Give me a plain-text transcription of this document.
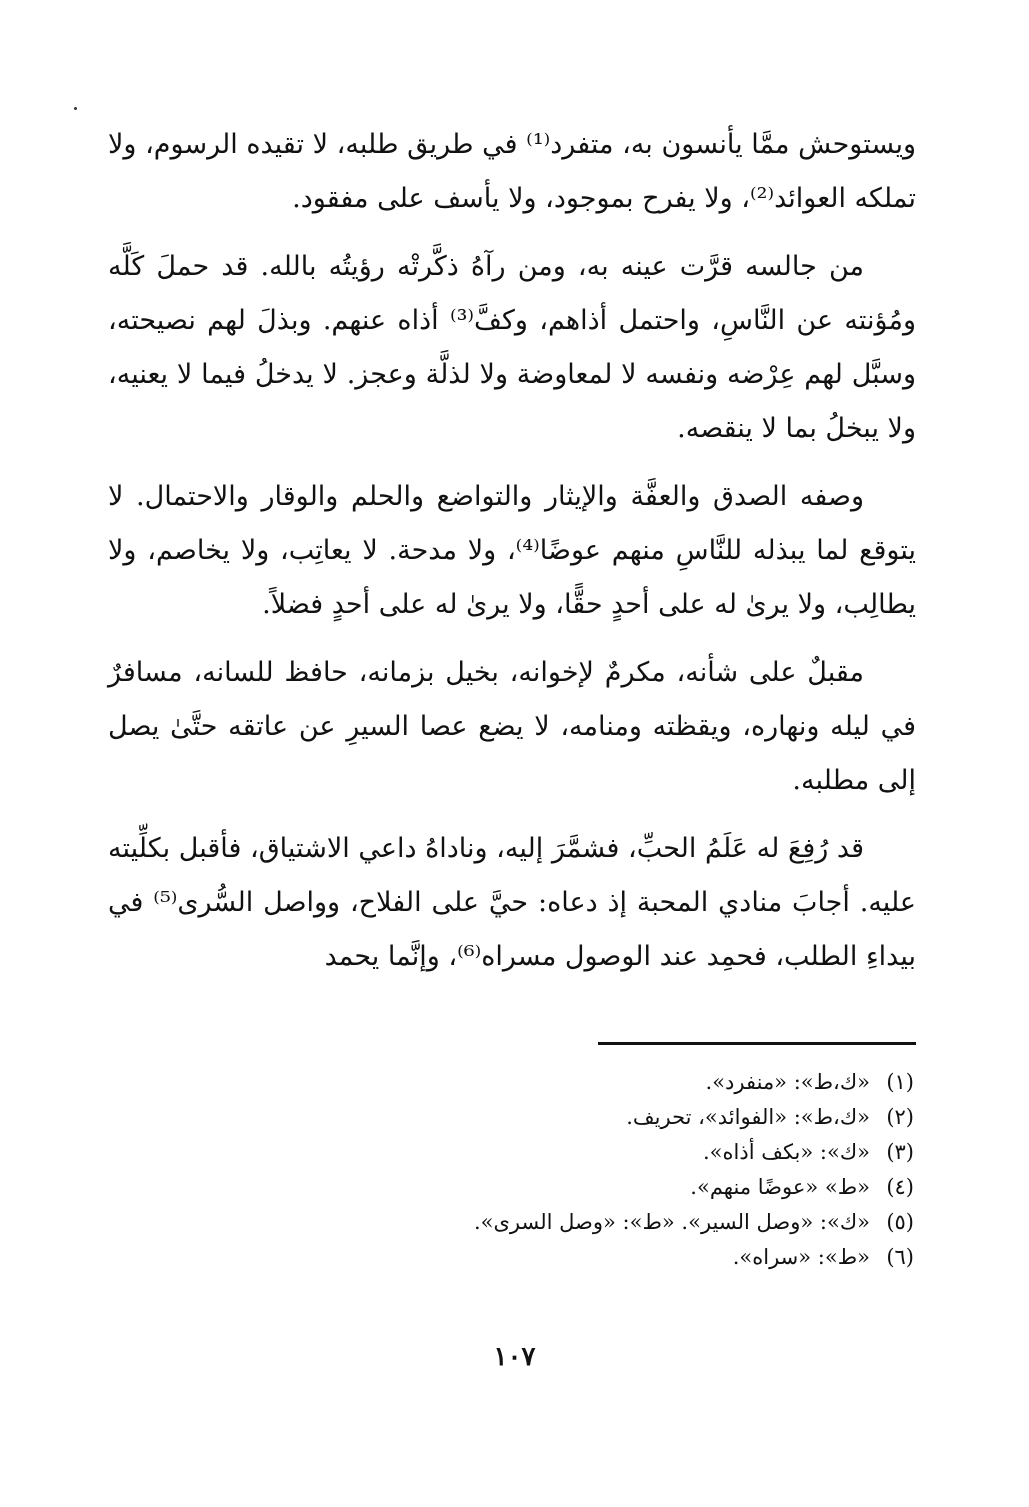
ويستوحش ممَّا يأنسون به، متفرد⁽¹⁾ في طريق طلبه، لا تقيده الرسوم، ولا تملكه العوائد⁽²⁾، ولا يفرح بموجود، ولا يأسف على مفقود.
من جالسه قرَّت عينه به، ومن رآهُ ذكَّرتْه رؤيتُه بالله. قد حملَ كَلَّه ومُؤنته عن النَّاسِ، واحتمل أذاهم، وكفَّ⁽³⁾ أذاه عنهم. وبذلَ لهم نصيحته، وسبَّل لهم عِرْضه ونفسه لا لمعاوضة ولا لذلَّة وعجز. لا يدخلُ فيما لا يعنيه، ولا يبخلُ بما لا ينقصه.
وصفه الصدق والعفَّة والإيثار والتواضع والحلم والوقار والاحتمال. لا يتوقع لما يبذله للنَّاسِ منهم عوضًا⁽⁴⁾، ولا مدحة. لا يعاتِب، ولا يخاصم، ولا يطالِب، ولا يرىٰ له على أحدٍ حقًّا، ولا يرىٰ له على أحدٍ فضلاً.
مقبلٌ على شأنه، مكرمٌ لإخوانه، بخيل بزمانه، حافظ للسانه، مسافرٌ في ليله ونهاره، ويقظته ومنامه، لا يضع عصا السيرِ عن عاتقه حتَّىٰ يصل إلى مطلبه.
قد رُفِعَ له عَلَمُ الحبِّ، فشمَّرَ إليه، وناداهُ داعي الاشتياق، فأقبل بكلِّيته عليه. أجابَ منادي المحبة إذ دعاه: حيَّ على الفلاح، وواصل السُّرى⁽⁵⁾ في بيداءِ الطلب، فحمِد عند الوصول مسراه⁽⁶⁾، وإنَّما يحمد
(١)
«ك،ط»: «منفرد».
(٢)
«ك،ط»: «الفوائد»، تحريف.
(٣)
«ك»: «بكف أذاه».
(٤)
«ط» «عوضًا منهم».
(٥)
«ك»: «وصل السير». «ط»: «وصل السرى».
(٦)
«ط»: «سراه».
١٠٧
